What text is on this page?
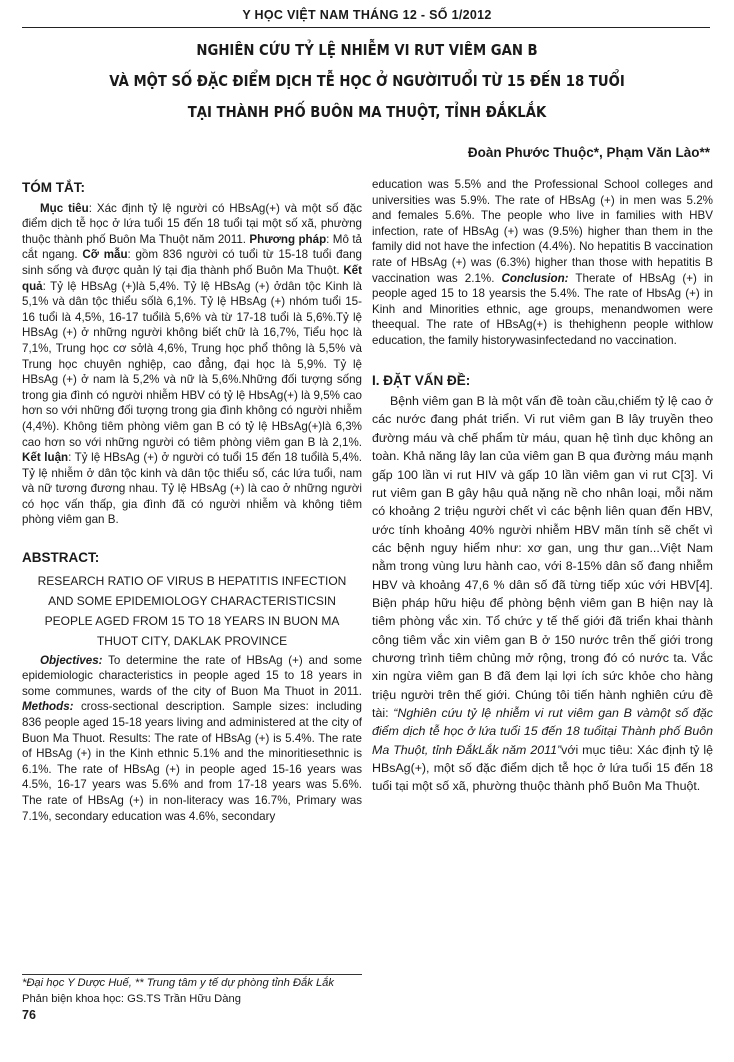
Y HỌC VIỆT NAM THÁNG 12 - SỐ 1/2012
NGHIÊN CỨU TỶ LỆ NHIỄM VI RUT VIÊM GAN B
VÀ MỘT SỐ ĐẶC ĐIỂM DỊCH TỄ HỌC Ở NGƯỜITUỔI TỪ 15 ĐẾN 18 TUỔI
TẠI THÀNH PHỐ BUÔN MA THUỘT, TỈNH ĐẮKLẮK
Đoàn Phước Thuộc*, Phạm Văn Lào**
TÓM TẮT:

Mục tiêu: Xác định tỷ lệ người có HBsAg(+) và một số đặc điểm dịch tễ học ở lứa tuổi 15 đến 18 tuổi tại một số xã, phường thuộc thành phố Buôn Ma Thuột năm 2011. Phương pháp: Mô tả cắt ngang. Cỡ mẫu: gồm 836 người có tuổi từ 15-18 tuổi đang sinh sống và được quản lý tại địa thành phố Buôn Ma Thuột. Kết quả: Tỷ lệ HBsAg (+)là 5,4%. Tỷ lệ HBsAg (+) ởdân tộc Kinh là 5,1% và dân tộc thiểu sốlà 6,1%. Tỷ lệ HBsAg (+) nhóm tuổi 15-16 tuổi là 4,5%, 16-17 tuổilà 5,6% và từ 17-18 tuổi là 5,6%.Tỷ lệ HBsAg (+) ở những người không biết chữ là 16,7%, Tiểu học là 7,1%, Trung học cơ sởlà 4,6%, Trung học phổ thông là 5,5% và Trung học chuyên nghiệp, cao đẳng, đại học là 5,9%. Tỷ lệ HBsAg (+) ở nam là 5,2% và nữ là 5,6%.Những đối tượng sống trong gia đình có người nhiễm HBV có tỷ lệ HbsAg(+) là 9,5% cao hơn so với những đối tượng trong gia đình không có người nhiễm (4,4%). Không tiêm phòng viêm gan B có tỷ lệ HBsAg(+)là 6,3% cao hơn so với những người có tiêm phòng viêm gan B là 2,1%. Kết luận: Tỷ lệ HBsAg (+) ở người có tuổi 15 đến 18 tuổilà 5,4%. Tỷ lệ nhiễm ở dân tộc kinh và dân tộc thiểu số, các lứa tuổi, nam và nữ tương đương nhau. Tỷ lệ HBsAg (+) là cao ở những người có học vấn thấp, gia đình đã có người nhiễm và không tiêm phòng viêm gan B.

ABSTRACT:
RESEARCH RATIO OF VIRUS B HEPATITIS INFECTION
AND SOME EPIDEMIOLOGY CHARACTERISTICSIN
PEOPLE AGED FROM 15 TO 18 YEARS IN BUON MA
THUOT CITY, DAKLAK PROVINCE

Objectives: To determine the rate of HBsAg (+) and some epidemiologic characteristics in people aged 15 to 18 years in some communes, wards of the city of Buon Ma Thuot in 2011. Methods: cross-sectional description. Sample sizes: including 836 people aged 15-18 years living and administered at the city of Buon Ma Thuot. Results: The rate of HBsAg (+) is 5.4%. The rate of HBsAg (+) in the Kinh ethnic 5.1% and the minoritiesethnic is 6.1%. The rate of HBsAg (+) in people aged 15-16 years was 4.5%, 16-17 years was 5.6% and from 17-18 years was 5.6%. The rate of HBsAg (+) in non-literacy was 16.7%, Primary was 7.1%, secondary education was 4.6%, secondary

education was 5.5% and the Professional School colleges and universities was 5.9%. The rate of HBsAg (+) in men was 5.2% and females 5.6%. The people who live in families with HBV infection, rate of HBsAg (+) was (9.5%) higher than them in the family did not have the infection (4.4%). No hepatitis B vaccination rate of HBsAg (+) was (6.3%) higher than those with hepatitis B vaccination was 2.1%. Conclusion: Therate of HBsAg (+) in people aged 15 to 18 yearsis the 5.4%. The rate of HbsAg (+) in Kinh and Minorities ethnic, age groups, menandwomen were theequal. The rate of HBsAg(+) is thehighenn people withlow education, the family historywasinfectedand no vaccination.

I. ĐẶT VẤN ĐỀ:

Bệnh viêm gan B là một vấn đề toàn cầu,chiếm tỷ lệ cao ở các nước đang phát triển. Vi rut viêm gan B lây truyền theo đường máu và chế phẩm từ máu, quan hệ tình dục không an toàn. Khả năng lây lan của viêm gan B qua đường máu mạnh gấp 100 lần vi rut HIV và gấp 10 lần viêm gan vi rut C[3]. Vi rut viêm gan B gây hậu quả nặng nề cho nhân loại, mỗi năm có khoảng 2 triệu người chết vì các bệnh liên quan đến HBV, ước tính khoảng 40% người nhiễm HBV mãn tính sẽ chết vì các bệnh nguy hiểm như: xơ gan, ung thư gan...Việt Nam nằm trong vùng lưu hành cao, với 8-15% dân số đang nhiễm HBV và khoảng 47,6 % dân số đã từng tiếp xúc với HBV[4]. Biện pháp hữu hiệu để phòng bệnh viêm gan B hiện nay là tiêm phòng vắc xin. Tổ chức y tế thế giới đã triển khai thành công tiêm vắc xin viêm gan B ở 150 nước trên thế giới trong chương trình tiêm chủng mở rộng, trong đó có nước ta. Vắc xin ngừa viêm gan B đã đem lại lợi ích sức khỏe cho hàng triệu người trên thế giới. Chúng tôi tiến hành nghiên cứu đề tài: “Nghiên cứu tỷ lệ nhiễm vi rut viêm gan B vàmột số đặc điểm dịch tễ học ở lứa tuổi 15 đến 18 tuổitại Thành phố Buôn Ma Thuột, tỉnh ĐắkLắk năm 2011”với mục tiêu: Xác định tỷ lệ HBsAg(+), một số đặc điểm dịch tễ học ở lứa tuổi 15 đến 18 tuổi tại một số xã, phường thuộc thành phố Buôn Ma Thuột.

*Đại học Y Dược Huế, ** Trung tâm y tế dự phòng tỉnh Đắk Lắk
Phản biện khoa học: GS.TS Trần Hữu Dàng
76
